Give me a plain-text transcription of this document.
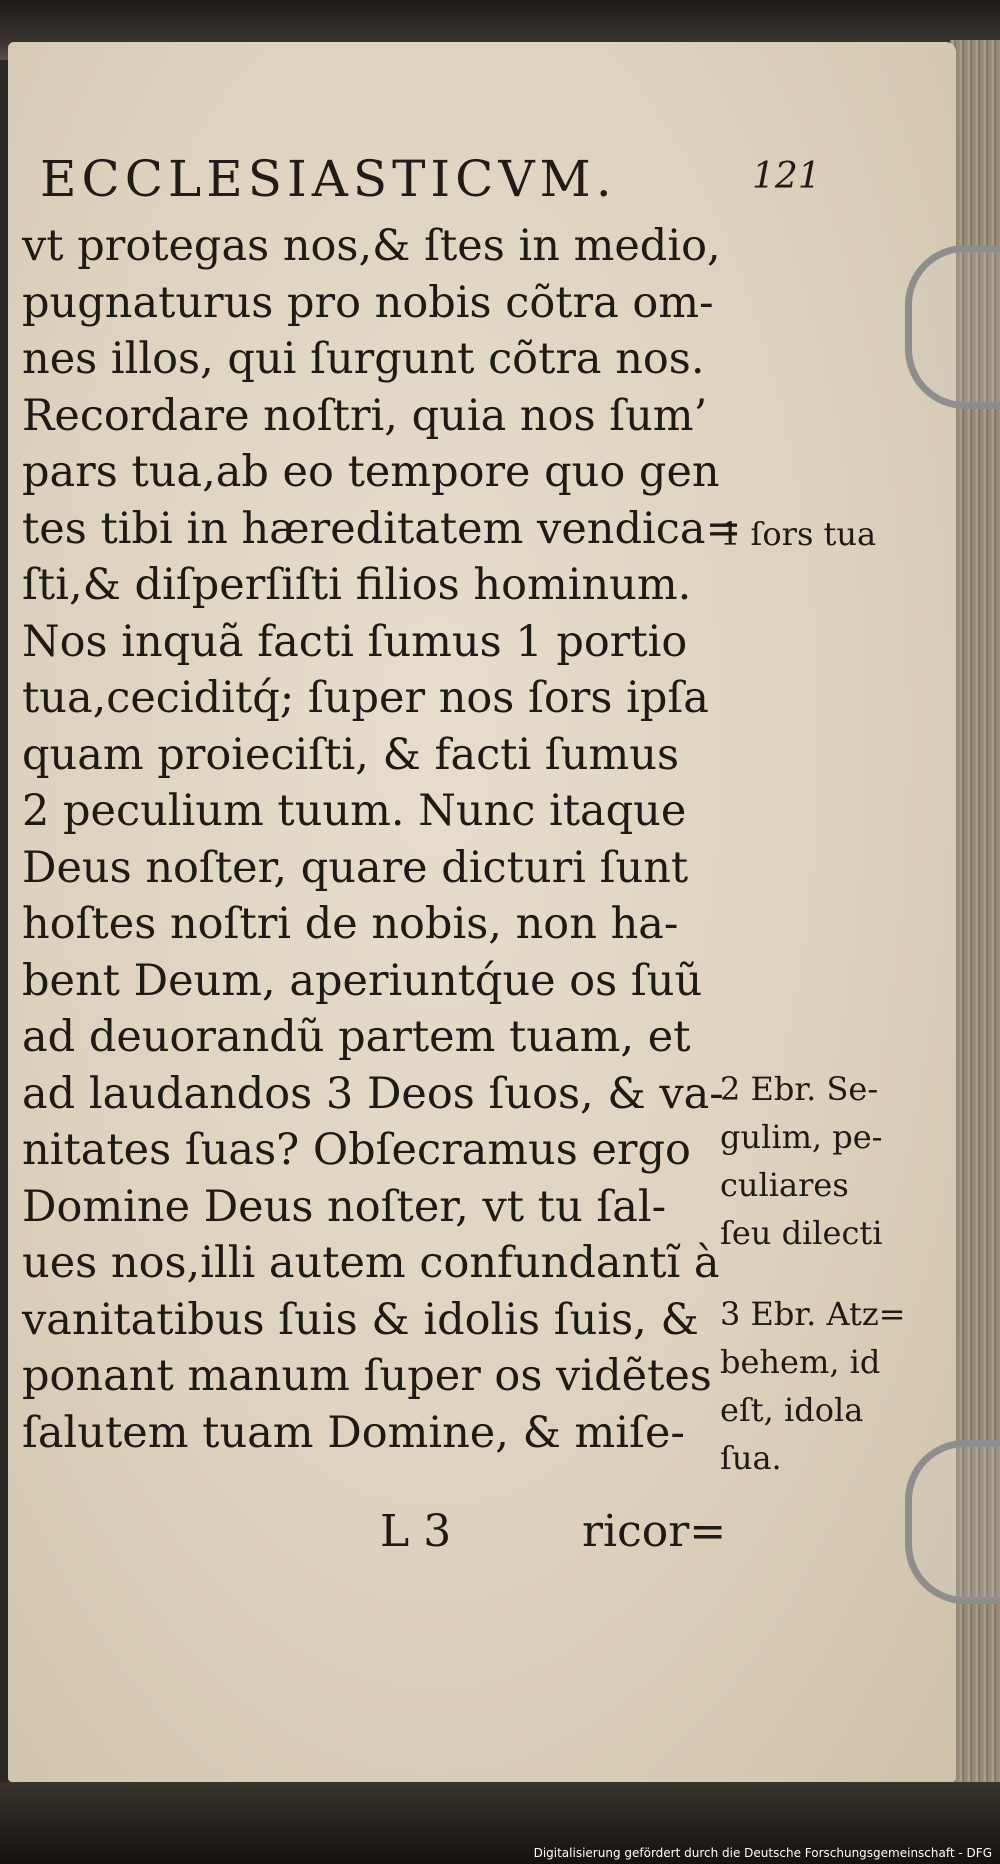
ECCLESIASTICVM.	121
vt protegas nos,& ſtes in medio,
pugnaturus pro nobis cõtra om-
nes illos, qui ſurgunt cõtra nos.
Recordare noſtri, quia nos ſum’
pars tua,ab eo tempore quo gen
tes tibi in hæreditatem vendica=
ſti,& diſperſiſti filios hominum.
Nos inquã facti ſumus 1 portio
tua,ceciditq́; ſuper nos ſors ipſa
quam proieciſti, & facti ſumus
2 peculium tuum. Nunc itaque
Deus noſter, quare dicturi ſunt
hoſtes noſtri de nobis, non ha-
bent Deum, aperiuntq́ue os ſuũ
ad deuorandũ partem tuam, et
ad laudandos 3 Deos ſuos, & va-
nitates ſuas? Obſecramus ergo
Domine Deus noſter, vt tu ſal-
ues nos,illi autem confundantĩ à
vanitatibus ſuis & idolis ſuis, &
ponant manum ſuper os vidẽtes
ſalutem tuam Domine, & miſe-
1 ſors tua
2 Ebr. Se-
gulim, pe-
culiares
ſeu dilecti
3 Ebr. Atz=
behem, id
eſt, idola
ſua.
L 3	ricor=
Digitalisierung gefördert durch die Deutsche Forschungsgemeinschaft - DFG
